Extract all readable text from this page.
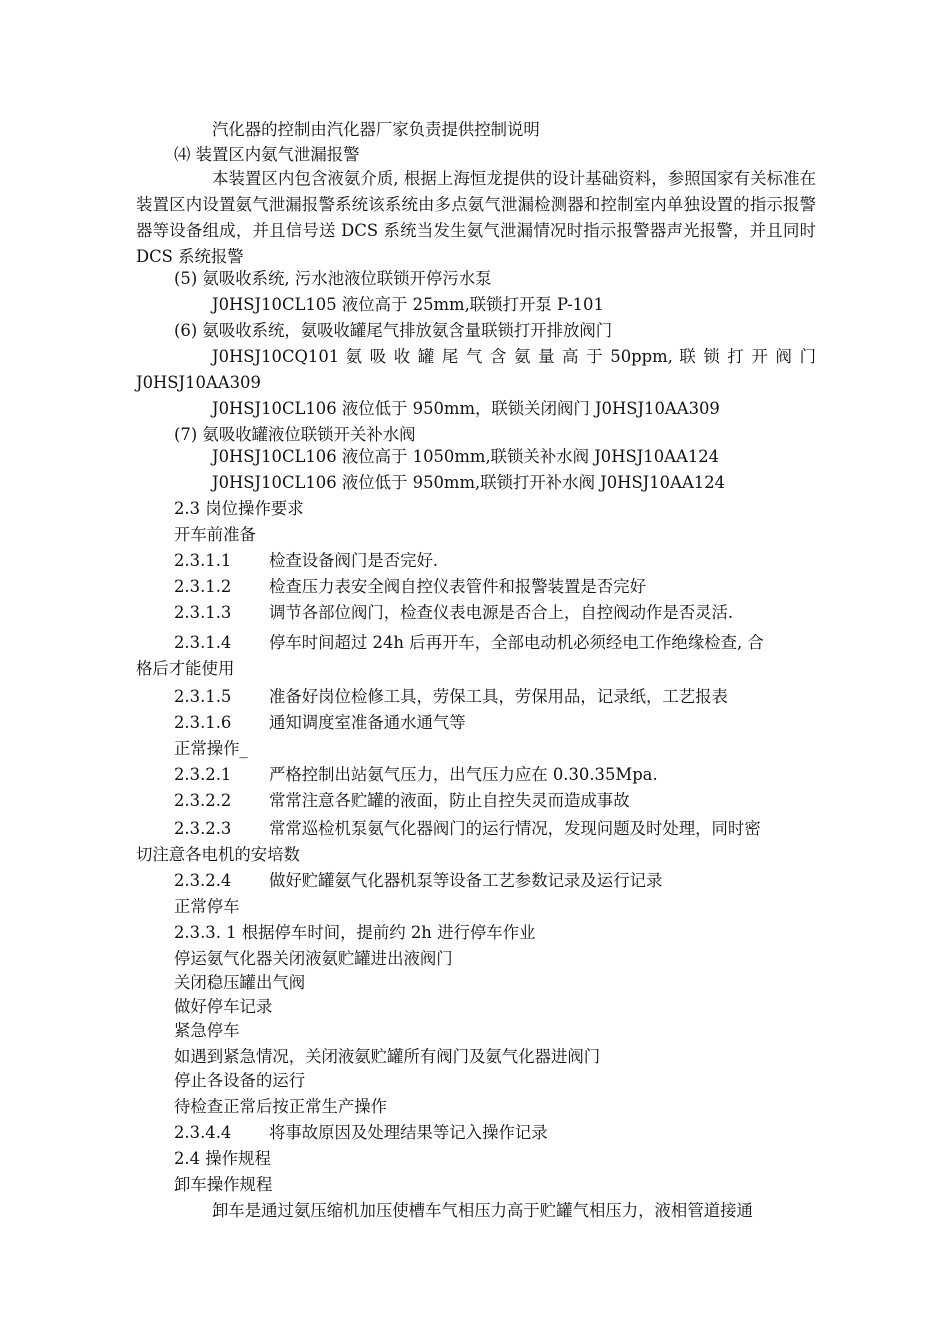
汽化器的控制由汽化器厂家负责提供控制说明
⑷ 装置区内氨气泄漏报警
本装置区内包含液氨介质, 根据上海恒龙提供的设计基础资料，参照国家有关标准在装置区内设置氨气泄漏报警系统该系统由多点氨气泄漏检测器和控制室内单独设置的指示报警器等设备组成，并且信号送 DCS 系统当发生氨气泄漏情况时指示报警器声光报警，并且同时 DCS 系统报警
(5) 氨吸收系统, 污水池液位联锁开停污水泵
J0HSJ10CL105 液位高于 25mm,联锁打开泵 P-101
(6) 氨吸收系统，氨吸收罐尾气排放氨含量联锁打开排放阀门
J0HSJ10CQ101 氨 吸 收 罐 尾 气 含 氨 量 高 于 50ppm, 联 锁 打 开 阀 门
J0HSJ10AA309
J0HSJ10CL106 液位低于 950mm，联锁关闭阀门 J0HSJ10AA309
(7) 氨吸收罐液位联锁开关补水阀
J0HSJ10CL106 液位高于 1050mm,联锁关补水阀 J0HSJ10AA124
J0HSJ10CL106 液位低于 950mm,联锁打开补水阀 J0HSJ10AA124
2.3 岗位操作要求
开车前准备
2.3.1.1 检查设备阀门是否完好.
2.3.1.2 检查压力表安全阀自控仪表管件和报警装置是否完好
2.3.1.3 调节各部位阀门，检查仪表电源是否合上，自控阀动作是否灵活.
2.3.1.4 停车时间超过 24h 后再开车，全部电动机必须经电工作绝缘检查, 合
格后才能使用
2.3.1.5 准备好岗位检修工具，劳保工具，劳保用品，记录纸，工艺报表
2.3.1.6 通知调度室准备通水通气等
正常操作_
2.3.2.1 严格控制出站氨气压力，出气压力应在 0.30.35Mpa.
2.3.2.2 常常注意各贮罐的液面，防止自控失灵而造成事故
2.3.2.3 常常巡检机泵氨气化器阀门的运行情况，发现问题及时处理，同时密
切注意各电机的安培数
2.3.2.4 做好贮罐氨气化器机泵等设备工艺参数记录及运行记录
正常停车
2.3.3. 1 根据停车时间，提前约 2h 进行停车作业
停运氨气化器关闭液氨贮罐进出液阀门
关闭稳压罐出气阀
做好停车记录
紧急停车
如遇到紧急情况，关闭液氨贮罐所有阀门及氨气化器进阀门
停止各设备的运行
待检查正常后按正常生产操作
2.3.4.4 将事故原因及处理结果等记入操作记录
2.4 操作规程
卸车操作规程
卸车是通过氨压缩机加压使槽车气相压力高于贮罐气相压力，液相管道接通
